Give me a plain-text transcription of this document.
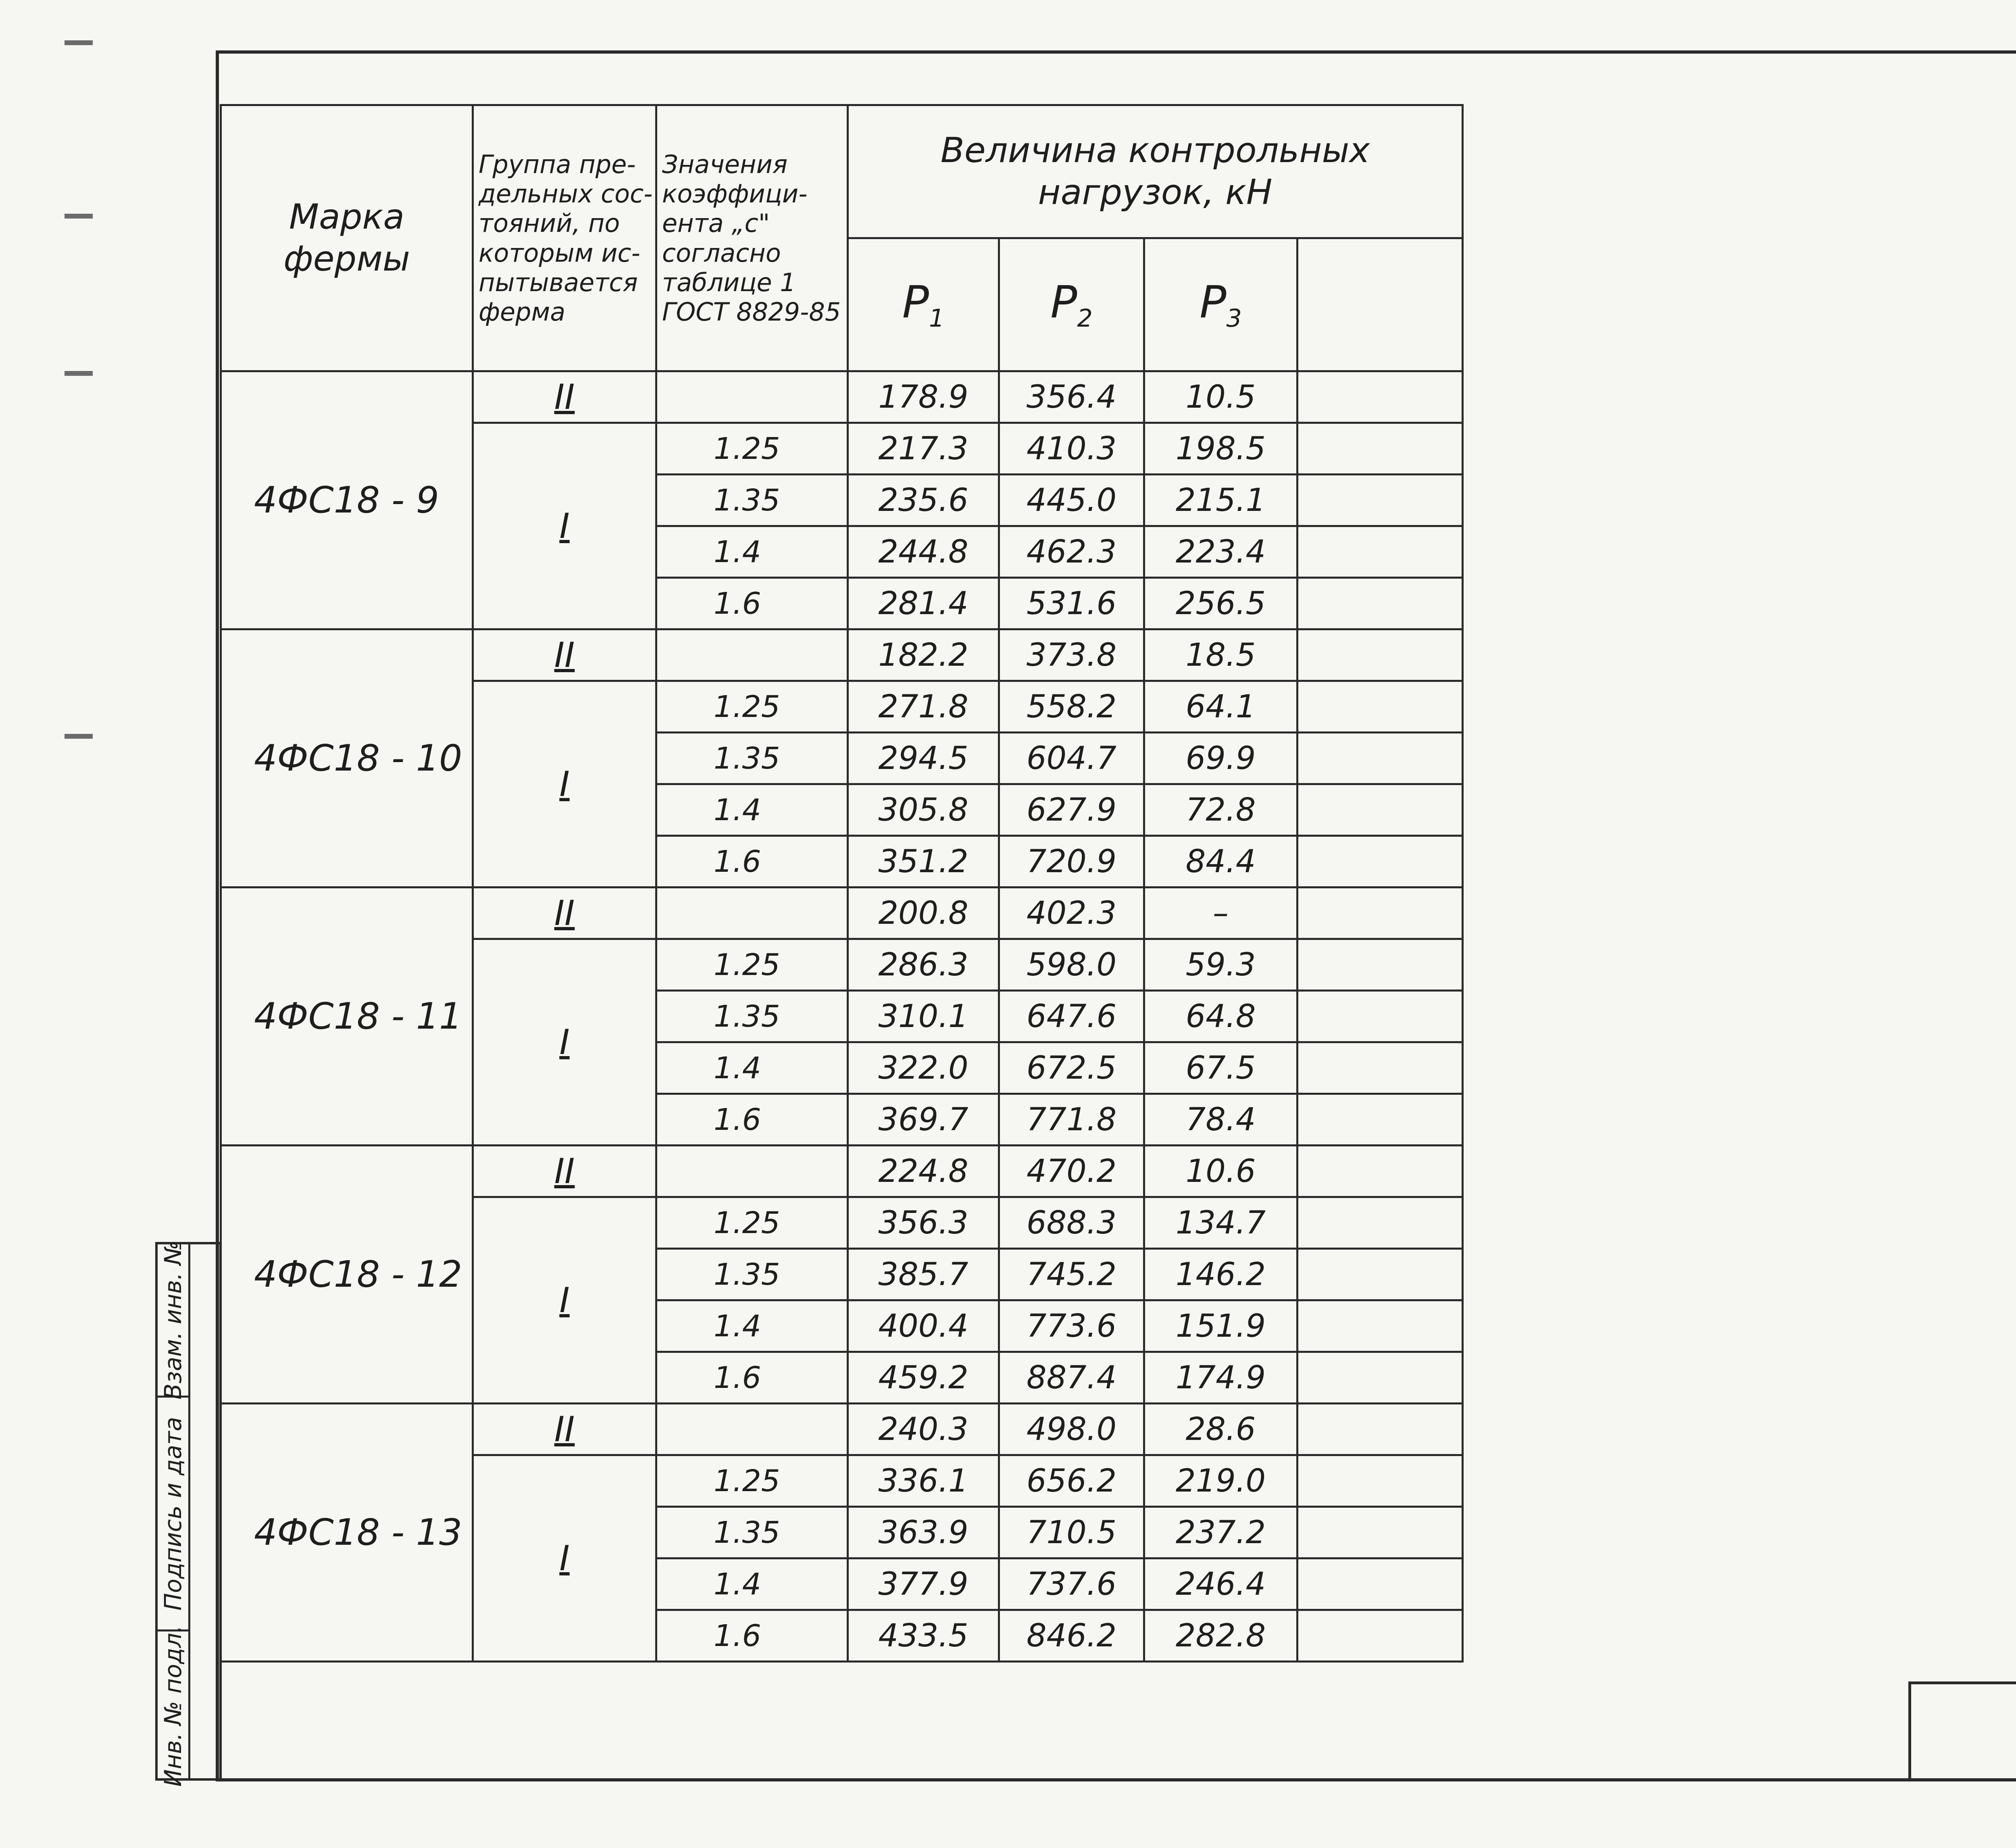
Марка фермы	Группа пре-дельных сос-тояний, по которым ис-пытывается ферма	Значения коэффици-ента „c" согласно таблице 1 ГОСТ 8829-85	Величина контрольных нагрузок, кН			
			$P_1$	$P_2$	$P_3$	
4ФС18 - 9	II		178.9	356.4	10.5	
	I	1.25	217.3	410.3	198.5	
		1.35	235.6	445.0	215.1	
		1.4	244.8	462.3	223.4	
		1.6	281.4	531.6	256.5	
4ФС18 - 10	II		182.2	373.8	18.5	
	I	1.25	271.8	558.2	64.1	
		1.35	294.5	604.7	69.9	
		1.4	305.8	627.9	72.8	
		1.6	351.2	720.9	84.4	
4ФС18 - 11	II		200.8	402.3	–	
	I	1.25	286.3	598.0	59.3	
		1.35	310.1	647.6	64.8	
		1.4	322.0	672.5	67.5	
		1.6	369.7	771.8	78.4	
4ФС18 - 12	II		224.8	470.2	10.6	
	I	1.25	356.3	688.3	134.7	
		1.35	385.7	745.2	146.2	
		1.4	400.4	773.6	151.9	
		1.6	459.2	887.4	174.9	
4ФС18 - 13	II		240.3	498.0	28.6	
	I	1.25	336.1	656.2	219.0	
		1.35	363.9	710.5	237.2	
		1.4	377.9	737.6	246.4	
		1.6	433.5	846.2	282.8	
Взам. инв. №
Подпись и дата
Инв. № подл.
